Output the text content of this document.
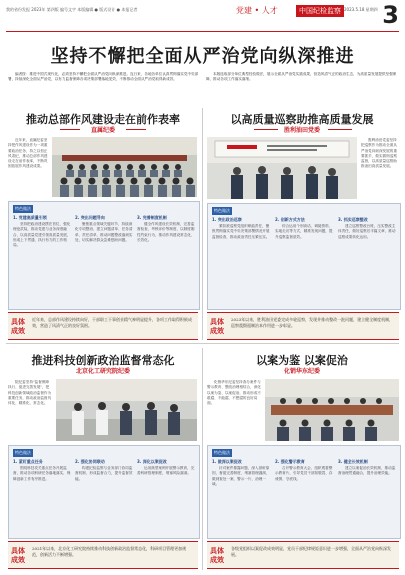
我的省份发报 2023年 第四版 编号文字 本版编辑 ● 版式设计 ● 本报记者	党建 • 人才	中国纪检监察 2023.5.18 星期四 3
坚持不懈把全面从严治党向纵深推进

编者按：推进中国式现代化，必须坚持不懈把全面从严治党向纵深推进。连日来，各地各单位认真贯彻落实党中央部署，持续深化全面从严治党，以有力监督保障各项决策部署落地见效，不断推动全面从严治党取得新成效。

本版选取部分单位典型经验做法，展示全面从严治党实践成果，营造风清气正的政治生态，为高质量发展提供坚强保障，推动各项工作落实落细。

推动总部作风建设走在前作表率
直属纪委

近年来，直属纪委坚持把作风建设作为一项重要政治任务，持之以恒正风肃纪，推动总部作风建设走在前作表率，不断巩固拓展作风建设成果。

特色做法
1. 党建高质量引领

坚持把政治建设摆在首位，强化理论武装，推动党建与业务深度融合，以高质量党建引领高质量发展，形成上下贯通、执行有力的工作格局。

2. 突出问题导向

聚焦重点领域关键环节，持续深化专项整治，建立问题清单、任务清单、责任清单，推动问题整改落到实处，切实解决群众急难愁盼问题。

3. 完善制度机制

健全作风建设长效机制，完善监督检查、考核评价等制度，以制度刚性约束行为，推动作风建设常态化、长效化。

具体成效
近年来，总部作风建设持续向好，干部职工干事创业精气神明显提升，各项工作取得积极成效，营造了风清气正的良好氛围。
以高质量巡察助推高质量发展
胜利油田党委

胜利油田党委坚持把巡察作为推动全面从严治党向纵深发展的重要抓手，做实做细巡察监督，以高质量巡察助推油田高质量发展。

特色做法
1. 突出政治巡察

紧扣被巡察党组织职能责任，聚焦贯彻落实党中央决策部署情况开展监督检查，推动政治责任压紧压实。

2. 创新方式方法

综合运用个别谈话、调阅资料、实地走访等方式，精准发现问题，提升巡察监督质效。

3. 抓实巡察整改

建立巡察整改台账，压实整改主体责任，做好巡察后半篇文章，推动巡察成果转化运用。

具体成效
2023年以来，胜利油田党委完成多轮巡察，发现并推动整改一批问题，建立健全制度机制，巡察震慑遏制治本作用进一步彰显。
推进科技创新政治监督常态化
北京化工研究院纪委

院纪委坚持"监督保障执行、促进完善发展"，把科技创新领域政治监督作为重要任务，推动政治监督具体化、精准化、常态化。

特色做法
1. 紧盯重点任务

围绕科技攻关重点任务开展监督，推动各项科研任务落地落实，保障创新工作有序推进。

2. 强化协同联动

构建纪检监察与业务部门协同监督机制，形成监督合力，提升监督效能。

3. 深化以案促改

运用典型案例开展警示教育，完善科研管理制度，堵塞风险漏洞。

具体成效
2021年以来，北京化工研究院持续推动科技创新政治监督常态化，科研项目管理更加规范，创新活力不断增强。
以案为鉴 以案促治
化销华东纪委

化销华东纪委坚持查办案件与警示教育、整改治理相结合，深化以案为鉴、以案促治，推动形成不敢腐、不能腐、不想腐的良好局面。

特色做法
1. 做深以案促改

针对案件暴露问题，深入剖析原因，督促完善制度，堵塞管理漏洞，做到查处一案、警示一片、治理一域。

2. 强化警示教育

召开警示教育大会，组织观看警示教育片，引导党员干部知敬畏、存戒惧、守底线。

3. 健全长效机制

建立以案促治长效机制，推动监督治理贯通融合，提升治理效能。

具体成效
各级党组织以案促改成效明显，党员干部纪律规矩意识进一步增强，全面从严治党向纵深发展。
